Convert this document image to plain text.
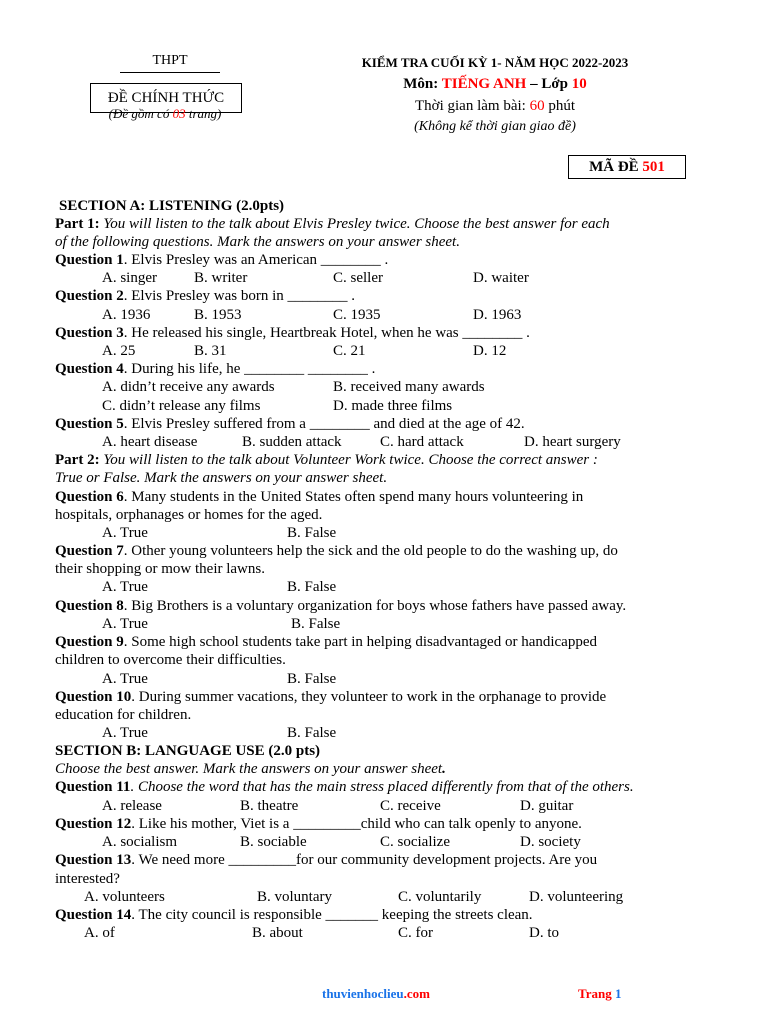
THPT
ĐỀ CHÍNH THỨC
(Đề gồm có 03 trang)
KIỂM TRA CUỐI KỲ 1- NĂM HỌC 2022-2023
Môn: TIẾNG ANH – Lớp 10
Thời gian làm bài: 60 phút
(Không kể thời gian giao đề)
MÃ ĐỀ 501
SECTION A: LISTENING (2.0pts)
Part 1: You will listen to the talk about Elvis Presley twice. Choose the best answer for each
of the following questions. Mark the answers on your answer sheet.
Question 1. Elvis Presley was an American ________ .
A. singer B. writer	C. seller	D. waiter
Question 2. Elvis Presley was born in ________ .
A. 1936	B. 1953	C. 1935	D. 1963
Question 3. He released his single, Heartbreak Hotel, when he was ________ .
A. 25	B. 31	C. 21	D. 12
Question 4. During his life, he ________ ________ .
A. didn’t receive any awards	B. received many awards
C. didn’t release any films	D. made three films
Question 5. Elvis Presley suffered from a ________ and died at the age of 42.
A. heart disease	B. sudden attack	C. hard attack	D. heart surgery
Part 2: You will listen to the talk about Volunteer Work twice. Choose the correct answer :
True or False. Mark the answers on your answer sheet.
Question 6. Many students in the United States often spend many hours volunteering in
hospitals, orphanages or homes for the aged.
A. True	B. False
Question 7. Other young volunteers help the sick and the old people to do the washing up, do
their shopping or mow their lawns.
A. True	B. False
Question 8. Big Brothers is a voluntary organization for boys whose fathers have passed away.
A. True	B. False
Question 9. Some high school students take part in helping disadvantaged or handicapped
children to overcome their difficulties.
A. True	B. False
Question 10. During summer vacations, they volunteer to work in the orphanage to provide
education for children.
A. True	B. False
SECTION B: LANGUAGE USE (2.0 pts)
Choose the best answer. Mark the answers on your answer sheet.
Question 11. Choose the word that has the main stress placed differently from that of the others.
A. release	B. theatre	C. receive	D. guitar
Question 12. Like his mother, Viet is a _________child who can talk openly to anyone.
A. socialism	B. sociable	C. socialize	D. society
Question 13. We need more _________for our community development projects. Are you
interested?
A. volunteers	B. voluntary	C. voluntarily	D. volunteering
Question 14. The city council is responsible _______ keeping the streets clean.
A. of	B. about	C. for	D. to
thuvienhoclieu.com	Trang 1
